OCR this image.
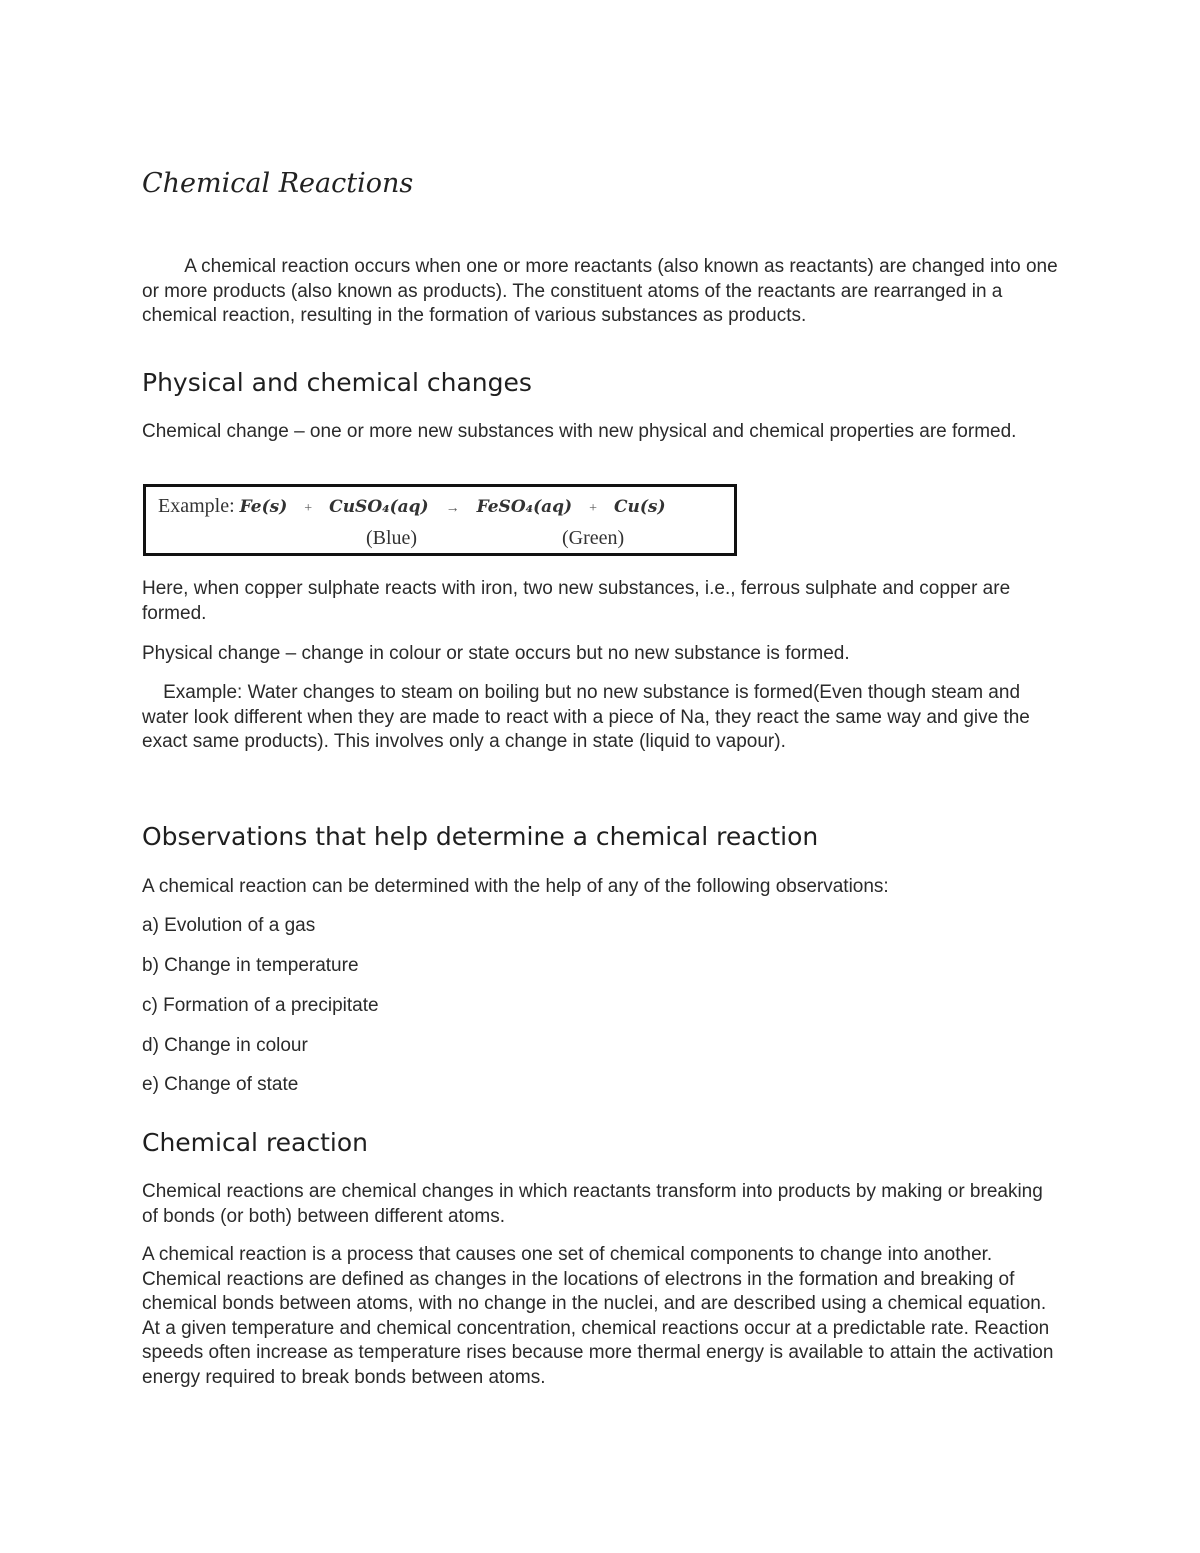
Chemical Reactions
A chemical reaction occurs when one or more reactants (also known as reactants) are changed into one or more products (also known as products). The constituent atoms of the reactants are rearranged in a chemical reaction, resulting in the formation of various substances as products.
Physical and chemical changes
Chemical change – one or more new substances with new physical and chemical properties are formed.
Example: Fe(s) + CuSO₄(aq) → FeSO₄(aq) + Cu(s)
(Blue)	(Green)
Here, when copper sulphate reacts with iron, two new substances, i.e., ferrous sulphate and copper are formed.
Physical change – change in colour or state occurs but no new substance is formed.
Example: Water changes to steam on boiling but no new substance is formed(Even though steam and water look different when they are made to react with a piece of Na, they react the same way and give the exact same products). This involves only a change in state (liquid to vapour).
Observations that help determine a chemical reaction
A chemical reaction can be determined with the help of any of the following observations:
a) Evolution of a gas
b) Change in temperature
c) Formation of a precipitate
d) Change in colour
e) Change of state
Chemical reaction
Chemical reactions are chemical changes in which reactants transform into products by making or breaking of bonds (or both) between different atoms.
A chemical reaction is a process that causes one set of chemical components to change into another. Chemical reactions are defined as changes in the locations of electrons in the formation and breaking of chemical bonds between atoms, with no change in the nuclei, and are described using a chemical equation. At a given temperature and chemical concentration, chemical reactions occur at a predictable rate. Reaction speeds often increase as temperature rises because more thermal energy is available to attain the activation energy required to break bonds between atoms.
